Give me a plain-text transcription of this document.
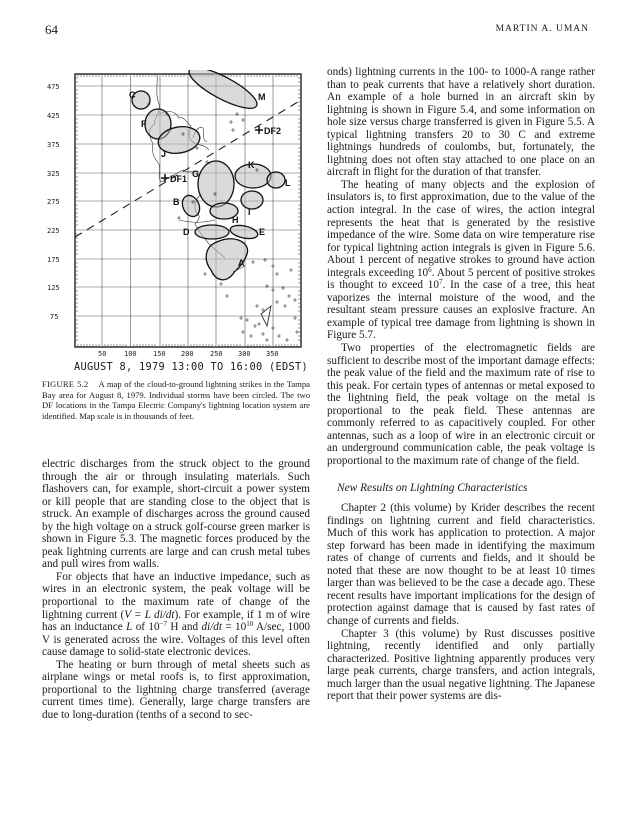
64	MARTIN A. UMAN
475
425
375
325
275
225
175
125
75
50	100 150 200 250 300 350
DF2
DF1
M
C
F
J
G
K
L
I
H
B
D	E
A
AUGUST 8, 1979 13:00 TO 16:00 (EDST)
FIGURE 5.2 A map of the cloud-to-ground lightning strikes in the Tampa Bay area for August 8, 1979. Individual storms have been circled. The two DF locations in the Tampa Electric Company's lightning location system are identified. Map scale is in thousands of feet.

electric discharges from the struck object to the ground through the air or through insulating materials. Such flashovers can, for example, short-circuit a power system or kill people that are standing close to the object that is struck. An example of discharges across the ground caused by the high voltage on a struck golf-course green marker is shown in Figure 5.3. The magnetic forces produced by the peak lightning currents are large and can crush metal tubes and pull wires from walls.

For objects that have an inductive impedance, such as wires in an electronic system, the peak voltage will be proportional to the maximum rate of change of the lightning current (V = L di/dt). For example, if 1 m of wire has an inductance L of $10^{-7}$ H and $di/dt = 10^{10}$ A/sec, 1000 V is generated across the wire. Voltages of this level often cause damage to solid-state electronic devices.

The heating or burn through of metal sheets such as airplane wings or metal roofs is, to first approximation, proportional to the lightning charge transferred (average current times time). Generally, large charge transfers are due to long-duration (tenths of a second to sec-

onds) lightning currents in the 100- to 1000-A range rather than to peak currents that have a relatively short duration. An example of a hole burned in an aircraft skin by lightning is shown in Figure 5.4, and some information on hole size versus charge transferred is given in Figure 5.5. A typical lightning transfers 20 to 30 C and extreme lightnings hundreds of coulombs, but, fortunately, the lightning does not often stay attached to one place on an aircraft in flight for the duration of that transfer.

The heating of many objects and the explosion of insulators is, to first approximation, due to the value of the action integral. In the case of wires, the action integral represents the heat that is generated by the resistive impedance of the wire. Some data on wire temperature rise for typical lightning action integrals is given in Figure 5.6. About 1 percent of negative strokes to ground have action integrals exceeding $10^6$. About 5 percent of positive strokes is thought to exceed $10^7$. In the case of a tree, this heat vaporizes the internal moisture of the wood, and the resultant steam pressure causes an explosive fracture. An example of typical tree damage from lightning is shown in Figure 5.7.

Two properties of the electromagnetic fields are sufficient to describe most of the important damage effects: the peak value of the field and the maximum rate of rise to this peak. For certain types of antennas or metal exposed to the lightning field, the peak voltage on the metal is proportional to the peak field. These antennas are commonly referred to as capacitively coupled. For other antennas, such as a loop of wire in an electronic circuit or an underground communication cable, the peak voltage is proportional to the maximum rate of change of the field.

New Results on Lightning Characteristics

Chapter 2 (this volume) by Krider describes the recent findings on lightning current and field characteristics. Much of this work has application to protection. A major step forward has been made in identifying the maximum rates of change of currents and fields, and it should be noted that these are now thought to be at least 10 times larger than was believed to be the case a decade ago. These recent results have important implications for the design of protection against damage that is caused by fast rates of change of currents and fields.

Chapter 3 (this volume) by Rust discusses positive lightning, recently identified and only partially characterized. Positive lightning apparently produces very large peak currents, charge transfers, and action integrals, much larger than the usual negative lightning. The Japanese report that their power systems are dis-
